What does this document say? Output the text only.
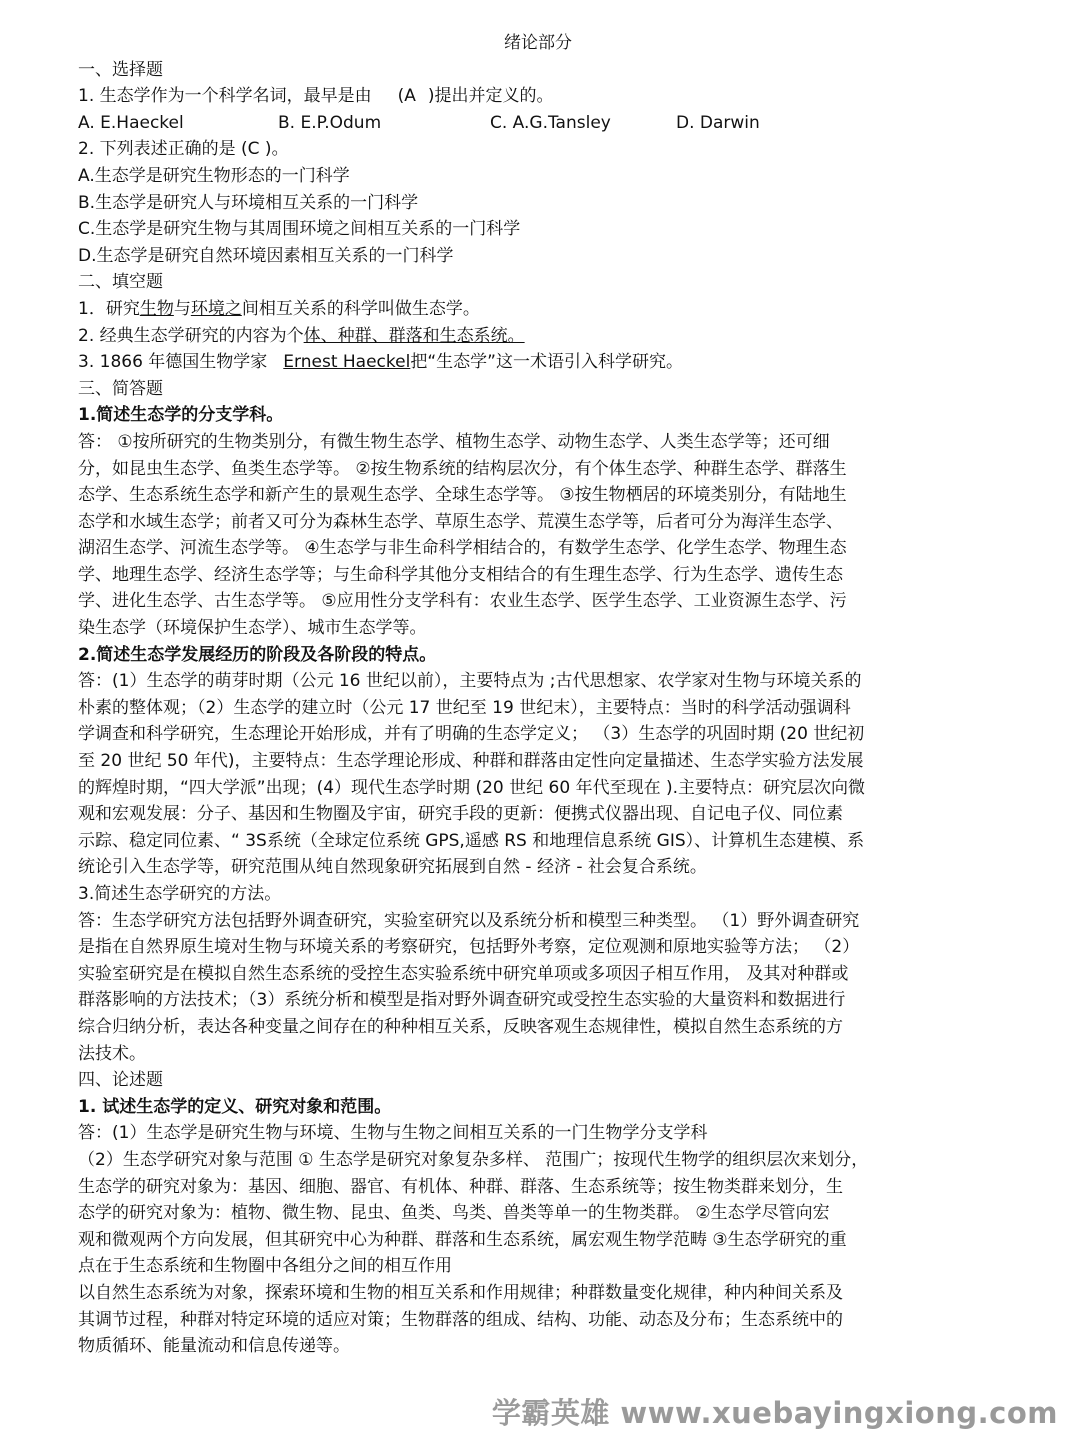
绪论部分

一、选择题

1. 生态学作为一个科学名词，最早是由 (A )提出并定义的。

A. E.Haeckel	B. E.P.Odum	C. A.G.Tansley	D. Darwin

2. 下列表述正确的是 (C )。

A.生态学是研究生物形态的一门科学

B.生态学是研究人与环境相互关系的一门科学

C.生态学是研究生物与其周围环境之间相互关系的一门科学

D.生态学是研究自然环境因素相互关系的一门科学

二、填空题

1．研究生物与环境之间相互关系的科学叫做生态学。

2. 经典生态学研究的内容为个体、种群、群落和生态系统。

3. 1866 年德国生物学家 Ernest Haeckel把“生态学”这一术语引入科学研究。

三、简答题

1.简述生态学的分支学科。

答： ①按所研究的生物类别分，有微生物生态学、植物生态学、动物生态学、人类生态学等；还可细

分，如昆虫生态学、鱼类生态学等。 ②按生物系统的结构层次分，有个体生态学、种群生态学、群落生

态学、生态系统生态学和新产生的景观生态学、全球生态学等。 ③按生物栖居的环境类别分，有陆地生

态学和水域生态学；前者又可分为森林生态学、草原生态学、荒漠生态学等，后者可分为海洋生态学、

湖沼生态学、河流生态学等。 ④生态学与非生命科学相结合的，有数学生态学、化学生态学、物理生态

学、地理生态学、经济生态学等；与生命科学其他分支相结合的有生理生态学、行为生态学、遗传生态

学、进化生态学、古生态学等。 ⑤应用性分支学科有：农业生态学、医学生态学、工业资源生态学、污

染生态学（环境保护生态学）、城市生态学等。

2.简述生态学发展经历的阶段及各阶段的特点。

答：(1）生态学的萌芽时期（公元 16 世纪以前），主要特点为 ;古代思想家、农学家对生物与环境关系的

朴素的整体观；（2）生态学的建立时（公元 17 世纪至 19 世纪末），主要特点：当时的科学活动强调科

学调查和科学研究，生态理论开始形成，并有了明确的生态学定义； （3）生态学的巩固时期 (20 世纪初

至 20 世纪 50 年代)，主要特点：生态学理论形成、种群和群落由定性向定量描述、生态学实验方法发展

的辉煌时期，“四大学派”出现；(4）现代生态学时期 (20 世纪 60 年代至现在 ).主要特点：研究层次向微

观和宏观发展：分子、基因和生物圈及宇宙，研究手段的更新：便携式仪器出现、自记电子仪、同位素

示踪、稳定同位素、“ 3S系统（全球定位系统 GPS,遥感 RS 和地理信息系统 GIS）、计算机生态建模、系

统论引入生态学等，研究范围从纯自然现象研究拓展到自然 - 经济 - 社会复合系统。

3.简述生态学研究的方法。

答：生态学研究方法包括野外调查研究，实验室研究以及系统分析和模型三种类型。 （1）野外调查研究

是指在自然界原生境对生物与环境关系的考察研究，包括野外考察，定位观测和原地实验等方法； （2）

实验室研究是在模拟自然生态系统的受控生态实验系统中研究单项或多项因子相互作用， 及其对种群或

群落影响的方法技术；（3）系统分析和模型是指对野外调查研究或受控生态实验的大量资料和数据进行

综合归纳分析，表达各种变量之间存在的种种相互关系，反映客观生态规律性，模拟自然生态系统的方

法技术。

四、论述题

1. 试述生态学的定义、研究对象和范围。

答：(1）生态学是研究生物与环境、生物与生物之间相互关系的一门生物学分支学科

（2）生态学研究对象与范围 ① 生态学是研究对象复杂多样、 范围广；按现代生物学的组织层次来划分，

生态学的研究对象为：基因、细胞、器官、有机体、种群、群落、生态系统等；按生物类群来划分，生

态学的研究对象为：植物、微生物、昆虫、鱼类、鸟类、兽类等单一的生物类群。 ②生态学尽管向宏

观和微观两个方向发展，但其研究中心为种群、群落和生态系统，属宏观生物学范畴 ③生态学研究的重

点在于生态系统和生物圈中各组分之间的相互作用

以自然生态系统为对象，探索环境和生物的相互关系和作用规律；种群数量变化规律，种内种间关系及

其调节过程，种群对特定环境的适应对策；生物群落的组成、结构、功能、动态及分布；生态系统中的

物质循环、能量流动和信息传递等。

学霸英雄 www.xuebayingxiong.com
